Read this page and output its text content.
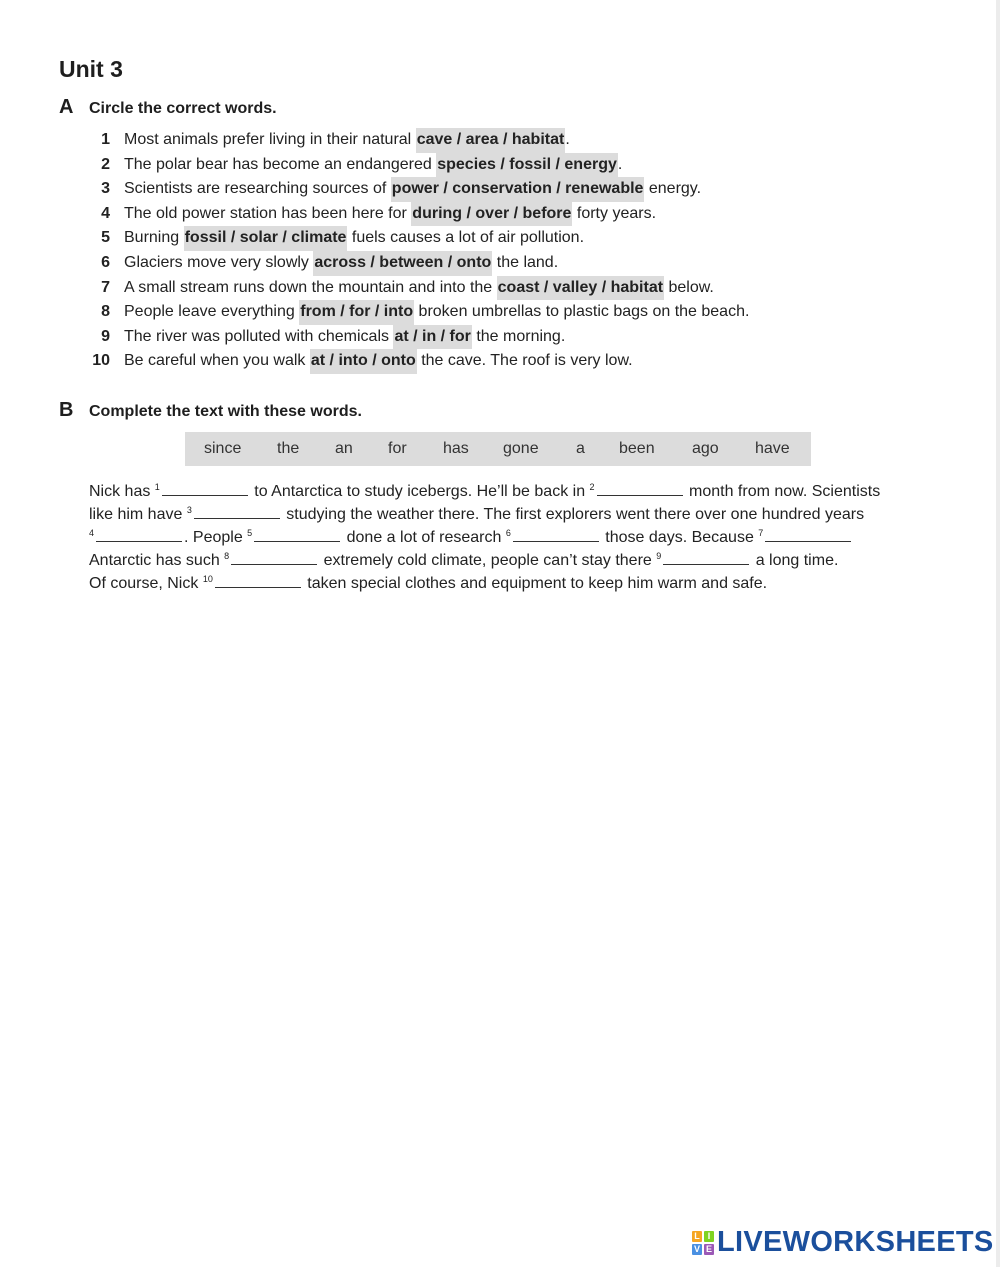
Unit 3
A Circle the correct words.
1 Most animals prefer living in their natural cave / area / habitat .
2 The polar bear has become an endangered species / fossil / energy .
3 Scientists are researching sources of power / conservation / renewable energy.
4 The old power station has been here for during / over / before forty years.
5 Burning fossil / solar / climate fuels causes a lot of air pollution.
6 Glaciers move very slowly across / between / onto the land.
7 A small stream runs down the mountain and into the coast / valley / habitat below.
8 People leave everything from / for / into broken umbrellas to plastic bags on the beach.
9 The river was polluted with chemicals at / in / for the morning.
10 Be careful when you walk at / into / onto the cave. The roof is very low.
B Complete the text with these words.
since the an for has gone a been ago have
Nick has $^1$	to Antarctica to study icebergs. He’ll be back in $^2$	month from now. Scientists
like him have $^3$	studying the weather there. The first explorers went there over one hundred years
$^4$	. People $^5$	done a lot of research $^6$	those days. Because $^7$
Antarctic has such $^8$	extremely cold climate, people can’t stay there $^9$	a long time.
Of course, Nick $^{10}$	taken special clothes and equipment to keep him warm and safe.
L I
V E LIVEWORKSHEETS
